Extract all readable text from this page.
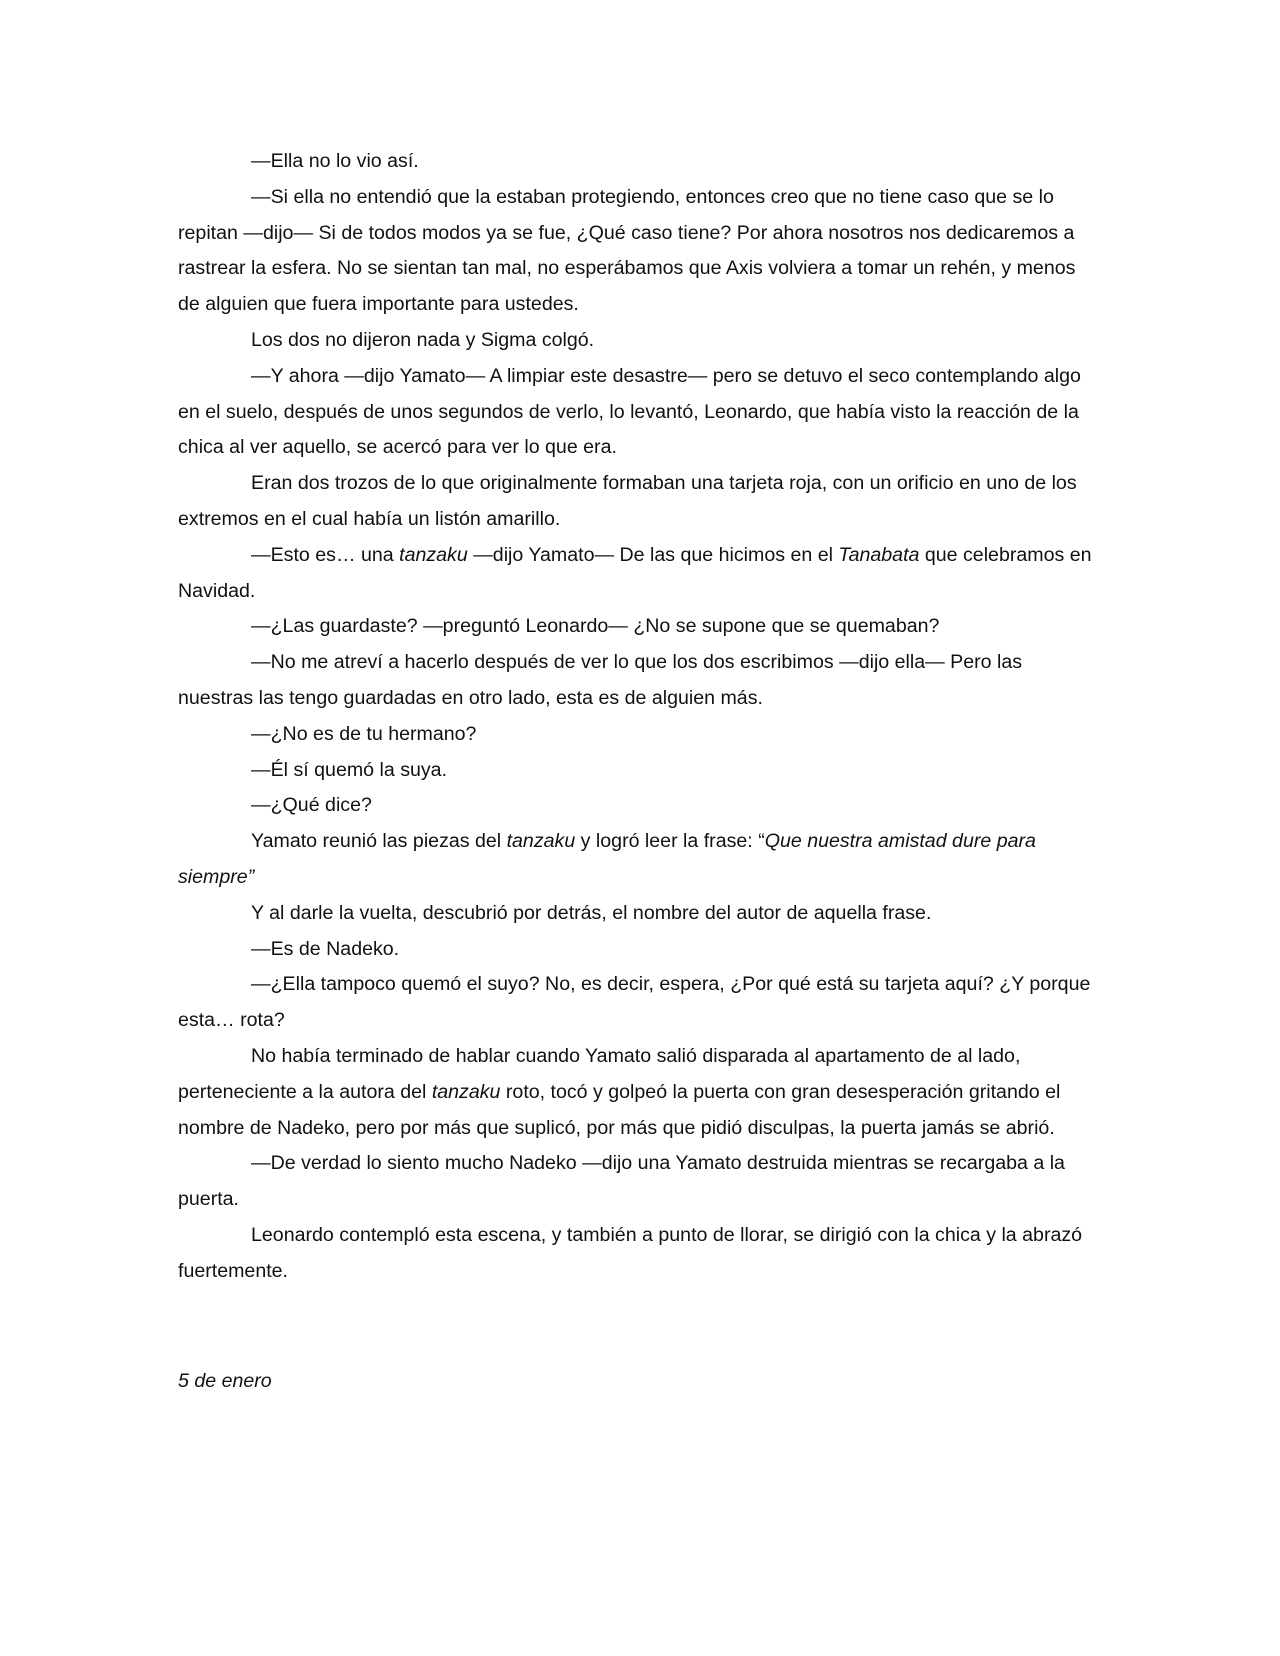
—Ella no lo vio así.

—Si ella no entendió que la estaban protegiendo, entonces creo que no tiene caso que se lo repitan —dijo— Si de todos modos ya se fue, ¿Qué caso tiene? Por ahora nosotros nos dedicaremos a rastrear la esfera. No se sientan tan mal, no esperábamos que Axis volviera a tomar un rehén, y menos de alguien que fuera importante para ustedes.

Los dos no dijeron nada y Sigma colgó.

—Y ahora —dijo Yamato— A limpiar este desastre— pero se detuvo el seco contemplando algo en el suelo, después de unos segundos de verlo, lo levantó, Leonardo, que había visto la reacción de la chica al ver aquello, se acercó para ver lo que era.

Eran dos trozos de lo que originalmente formaban una tarjeta roja, con un orificio en uno de los extremos en el cual había un listón amarillo.

—Esto es… una tanzaku —dijo Yamato— De las que hicimos en el Tanabata que celebramos en Navidad.

—¿Las guardaste? —preguntó Leonardo— ¿No se supone que se quemaban?

—No me atreví a hacerlo después de ver lo que los dos escribimos —dijo ella— Pero las nuestras las tengo guardadas en otro lado, esta es de alguien más.

—¿No es de tu hermano?

—Él sí quemó la suya.

—¿Qué dice?

Yamato reunió las piezas del tanzaku y logró leer la frase: “Que nuestra amistad dure para siempre”

Y al darle la vuelta, descubrió por detrás, el nombre del autor de aquella frase.

—Es de Nadeko.

—¿Ella tampoco quemó el suyo? No, es decir, espera, ¿Por qué está su tarjeta aquí? ¿Y porque esta… rota?

No había terminado de hablar cuando Yamato salió disparada al apartamento de al lado, perteneciente a la autora del tanzaku roto, tocó y golpeó la puerta con gran desesperación gritando el nombre de Nadeko, pero por más que suplicó, por más que pidió disculpas, la puerta jamás se abrió.

—De verdad lo siento mucho Nadeko —dijo una Yamato destruida mientras se recargaba a la puerta.

Leonardo contempló esta escena, y también a punto de llorar, se dirigió con la chica y la abrazó fuertemente.

5 de enero
